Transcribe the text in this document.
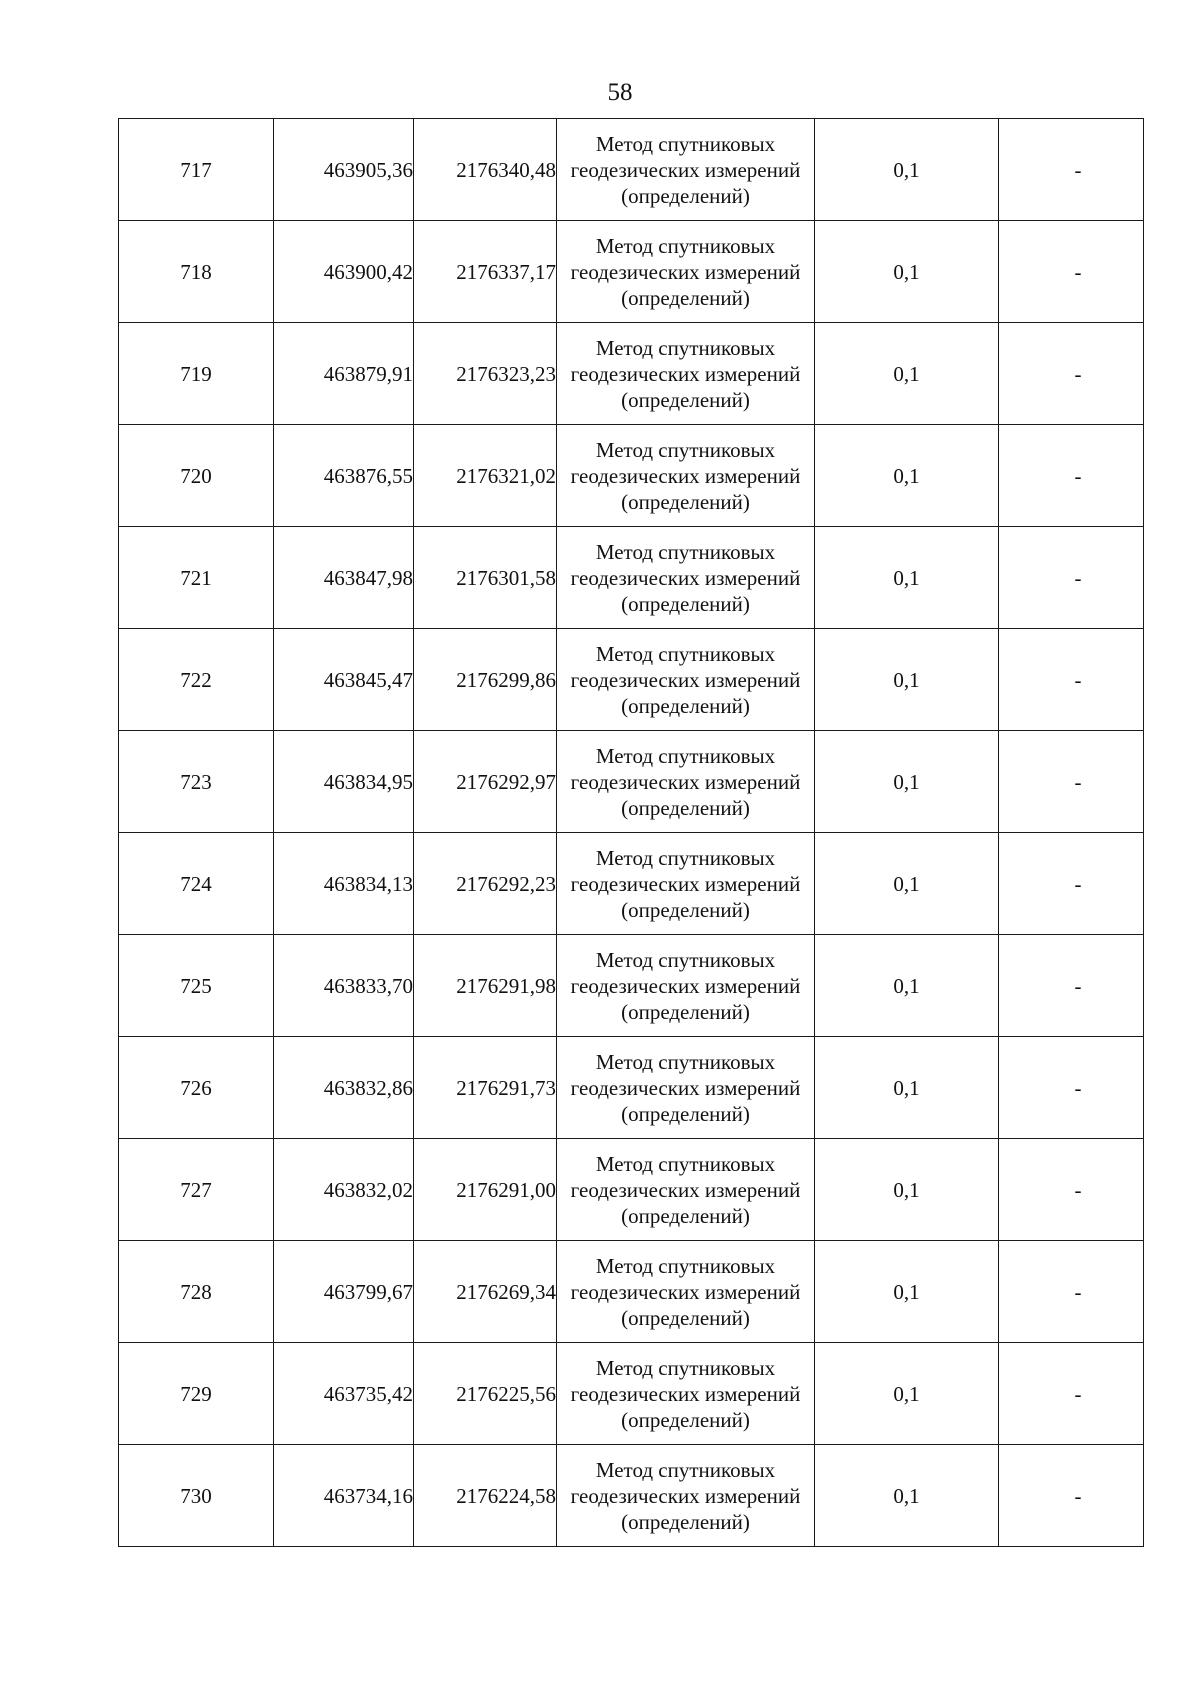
58
717	463905,36	2176340,48	Метод спутниковых
геодезических измерений
(определений)	0,1	-
718	463900,42	2176337,17	Метод спутниковых
геодезических измерений
(определений)	0,1	-
719	463879,91	2176323,23	Метод спутниковых
геодезических измерений
(определений)	0,1	-
720	463876,55	2176321,02	Метод спутниковых
геодезических измерений
(определений)	0,1	-
721	463847,98	2176301,58	Метод спутниковых
геодезических измерений
(определений)	0,1	-
722	463845,47	2176299,86	Метод спутниковых
геодезических измерений
(определений)	0,1	-
723	463834,95	2176292,97	Метод спутниковых
геодезических измерений
(определений)	0,1	-
724	463834,13	2176292,23	Метод спутниковых
геодезических измерений
(определений)	0,1	-
725	463833,70	2176291,98	Метод спутниковых
геодезических измерений
(определений)	0,1	-
726	463832,86	2176291,73	Метод спутниковых
геодезических измерений
(определений)	0,1	-
727	463832,02	2176291,00	Метод спутниковых
геодезических измерений
(определений)	0,1	-
728	463799,67	2176269,34	Метод спутниковых
геодезических измерений
(определений)	0,1	-
729	463735,42	2176225,56	Метод спутниковых
геодезических измерений
(определений)	0,1	-
730	463734,16	2176224,58	Метод спутниковых
геодезических измерений
(определений)	0,1	-
